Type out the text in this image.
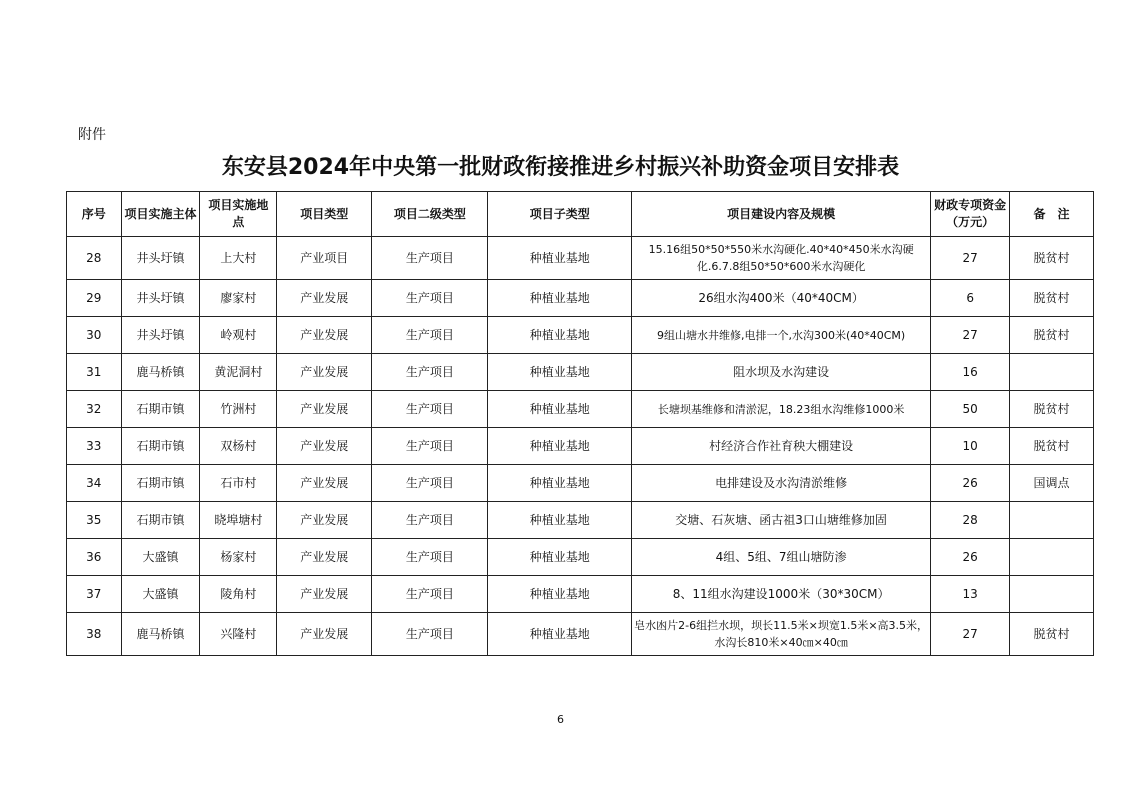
附件
东安县2024年中央第一批财政衔接推进乡村振兴补助资金项目安排表
序号	项目实施主体	项目实施地点	项目类型	项目二级类型	项目子类型	项目建设内容及规模	财政专项资金（万元）	备　注
28	井头圩镇	上大村	产业项目	生产项目	种植业基地	15.16组50*50*550米水沟硬化.40*40*450米水沟硬化.6.7.8组50*50*600米水沟硬化	27	脱贫村
29	井头圩镇	廖家村	产业发展	生产项目	种植业基地	26组水沟400米（40*40CM）	6	脱贫村
30	井头圩镇	岭观村	产业发展	生产项目	种植业基地	9组山塘水井维修,电排一个,水沟300米(40*40CM)	27	脱贫村
31	鹿马桥镇	黄泥洞村	产业发展	生产项目	种植业基地	阻水坝及水沟建设	16	
32	石期市镇	竹洲村	产业发展	生产项目	种植业基地	长塘坝基维修和清淤泥，18.23组水沟维修1000米	50	脱贫村
33	石期市镇	双杨村	产业发展	生产项目	种植业基地	村经济合作社育秧大棚建设	10	脱贫村
34	石期市镇	石市村	产业发展	生产项目	种植业基地	电排建设及水沟清淤维修	26	国调点
35	石期市镇	晓埠塘村	产业发展	生产项目	种植业基地	交塘、石灰塘、函古祖3口山塘维修加固	28	
36	大盛镇	杨家村	产业发展	生产项目	种植业基地	4组、5组、7组山塘防渗	26	
37	大盛镇	陵角村	产业发展	生产项目	种植业基地	8、11组水沟建设1000米（30*30CM）	13	
38	鹿马桥镇	兴隆村	产业发展	生产项目	种植业基地	皂水凼片2-6组拦水坝，坝长11.5米×坝宽1.5米×高3.5米，水沟长810米×40㎝×40㎝	27	脱贫村
6
